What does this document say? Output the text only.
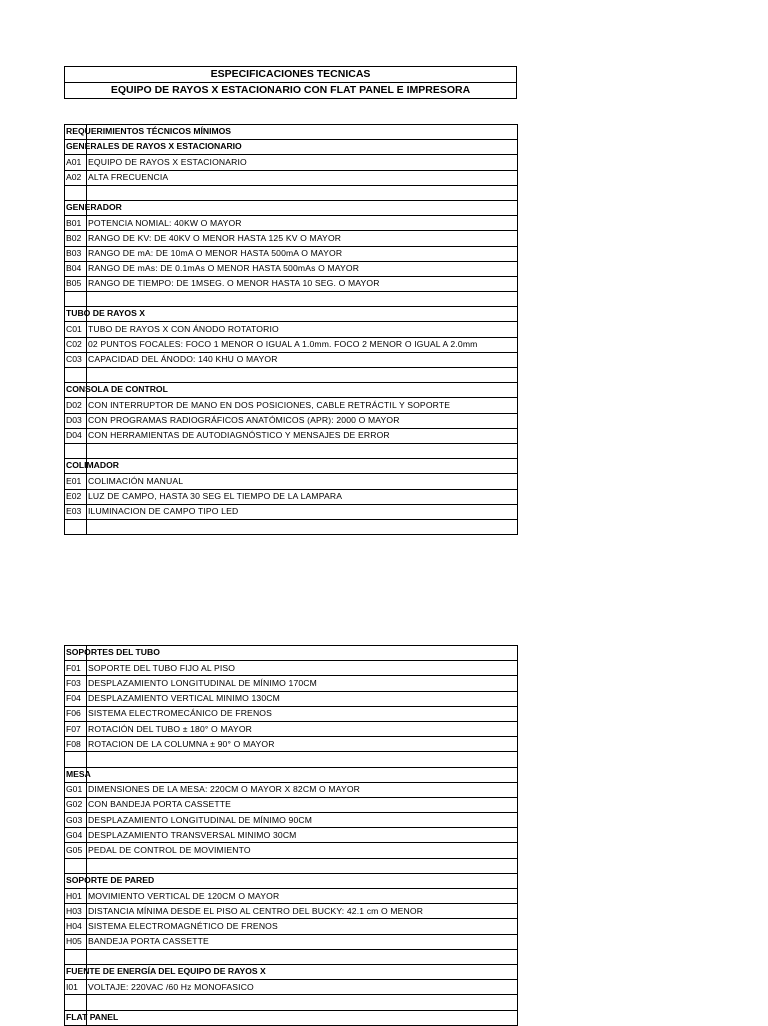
ESPECIFICACIONES TECNICAS
EQUIPO DE RAYOS X ESTACIONARIO CON FLAT PANEL E IMPRESORA
REQUERIMIENTOS TÉCNICOS MÍNIMOS	

GENERALES DE RAYOS X ESTACIONARIO	

A01	EQUIPO DE RAYOS X ESTACIONARIO
A02	ALTA FRECUENCIA

GENERADOR	

B01	POTENCIA NOMIAL: 40KW O MAYOR
B02	RANGO DE KV: DE 40KV O MENOR HASTA 125 KV O MAYOR
B03	RANGO DE mA: DE 10mA O MENOR HASTA 500mA O MAYOR
B04	RANGO DE mAs: DE 0.1mAs O MENOR HASTA 500mAs O MAYOR
B05	RANGO DE TIEMPO: DE 1MSEG. O MENOR HASTA 10 SEG. O MAYOR

TUBO DE RAYOS X	

C01	TUBO DE RAYOS X CON ÁNODO ROTATORIO
C02	02 PUNTOS FOCALES: FOCO 1 MENOR O IGUAL A 1.0mm. FOCO 2 MENOR O IGUAL A 2.0mm
C03	CAPACIDAD DEL ÁNODO: 140 KHU O MAYOR

CONSOLA DE CONTROL	

D02	CON INTERRUPTOR DE MANO EN DOS POSICIONES, CABLE RETRÁCTIL Y SOPORTE
D03	CON PROGRAMAS RADIOGRÁFICOS ANATÓMICOS (APR): 2000 O MAYOR
D04	CON HERRAMIENTAS DE AUTODIAGNÓSTICO Y MENSAJES DE ERROR

COLIMADOR	

E01	COLIMACIÓN MANUAL
E02	LUZ DE CAMPO, HASTA 30 SEG EL TIEMPO DE LA LAMPARA
E03	ILUMINACION DE CAMPO TIPO LED

SOPORTES DEL TUBO	

F01	SOPORTE DEL TUBO FIJO AL PISO
F03	DESPLAZAMIENTO LONGITUDINAL DE MÍNIMO 170CM
F04	DESPLAZAMIENTO VERTICAL MINIMO 130CM
F06	SISTEMA ELECTROMECÁNICO DE FRENOS
F07	ROTACIÓN DEL TUBO ± 180° O MAYOR
F08	ROTACION DE LA COLUMNA ± 90° O MAYOR

MESA	

G01	DIMENSIONES DE LA MESA: 220CM O MAYOR X 82CM O MAYOR
G02	CON BANDEJA PORTA CASSETTE
G03	DESPLAZAMIENTO LONGITUDINAL DE MÍNIMO 90CM
G04	DESPLAZAMIENTO TRANSVERSAL MINIMO 30CM
G05	PEDAL DE CONTROL DE MOVIMIENTO

SOPORTE DE PARED	

H01	MOVIMIENTO VERTICAL DE 120CM O MAYOR
H03	DISTANCIA MÍNIMA DESDE EL PISO AL CENTRO DEL BUCKY: 42.1 cm O MENOR
H04	SISTEMA ELECTROMAGNÉTICO DE FRENOS
H05	BANDEJA PORTA CASSETTE

FUENTE DE ENERGÍA DEL EQUIPO DE RAYOS X	

I01	VOLTAJE: 220VAC /60 Hz MONOFASICO

FLAT PANEL	
